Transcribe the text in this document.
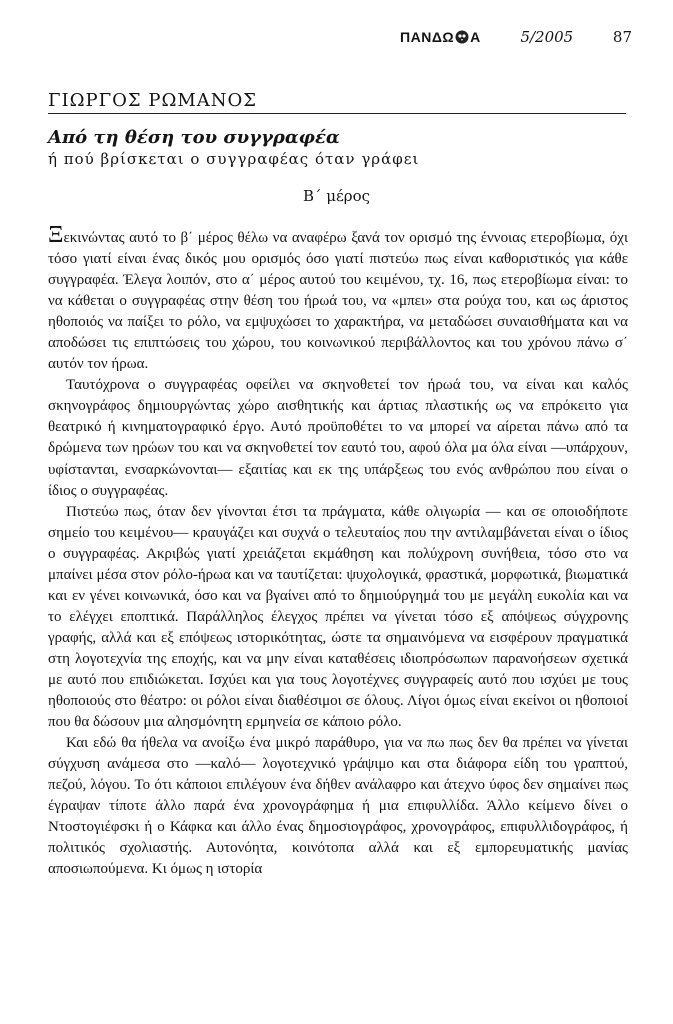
ΠΑΝΔΩ Α	5/2005	87
ΓΙΩΡΓΟΣ ΡΩΜΑΝΟΣ
Από τη θέση του συγγραφέα
ή πού βρίσκεται ο συγγραφέας όταν γράφει
Β΄ μέρος

Ξεκινώντας αυτό το β΄ μέρος θέλω να αναφέρω ξανά τον ορισμό της έννοιας ετεροβίωμα, όχι τόσο γιατί είναι ένας δικός μου ορισμός όσο γιατί πιστεύω πως είναι καθοριστικός για κάθε συγγραφέα. Έλεγα λοιπόν, στο α΄ μέρος αυτού του κειμένου, τχ. 16, πως ετεροβίωμα είναι: το να κάθεται ο συγγραφέας στην θέση του ήρωά του, να «μπει» στα ρούχα του, και ως άριστος ηθοποιός να παίξει το ρόλο, να εμψυχώσει το χαρακτήρα, να μεταδώσει συναισθήματα και να αποδώσει τις επιπτώσεις του χώρου, του κοινωνικού περιβάλλοντος και του χρόνου πάνω σ΄ αυτόν τον ήρωα.

Ταυτόχρονα ο συγγραφέας οφείλει να σκηνοθετεί τον ήρωά του, να είναι και καλός σκηνογράφος δημιουργώντας χώρο αισθητικής και άρτιας πλαστικής ως να επρόκειτο για θεατρικό ή κινηματογραφικό έργο. Αυτό προϋποθέτει το να μπορεί να αίρεται πάνω από τα δρώμενα των ηρώων του και να σκηνοθετεί τον εαυτό του, αφού όλα μα όλα είναι —υπάρχουν, υφίστανται, ενσαρκώνονται— εξαιτίας και εκ της υπάρξεως του ενός ανθρώπου που είναι ο ίδιος ο συγγραφέας.

Πιστεύω πως, όταν δεν γίνονται έτσι τα πράγματα, κάθε ολιγωρία — και σε οποιοδήποτε σημείο του κειμένου— κραυγάζει και συχνά ο τελευταίος που την αντιλαμβάνεται είναι ο ίδιος ο συγγραφέας. Ακριβώς γιατί χρειάζεται εκμάθηση και πολύχρονη συνήθεια, τόσο στο να μπαίνει μέσα στον ρόλο-ήρωα και να ταυτίζεται: ψυχολογικά, φραστικά, μορφωτικά, βιωματικά και εν γένει κοινωνικά, όσο και να βγαίνει από το δημιούργημά του με μεγάλη ευκολία και να το ελέγχει εποπτικά. Παράλληλος έλεγχος πρέπει να γίνεται τόσο εξ απόψεως σύγχρονης γραφής, αλλά και εξ επόψεως ιστορικότητας, ώστε τα σημαινόμενα να εισφέρουν πραγματικά στη λογοτεχνία της εποχής, και να μην είναι καταθέσεις ιδιοπρόσωπων παρανοήσεων σχετικά με αυτό που επιδιώκεται. Ισχύει και για τους λογοτέχνες συγγραφείς αυτό που ισχύει με τους ηθοποιούς στο θέατρο: οι ρόλοι είναι διαθέσιμοι σε όλους. Λίγοι όμως είναι εκείνοι οι ηθοποιοί που θα δώσουν μια αλησμόνητη ερμηνεία σε κάποιο ρόλο.

Και εδώ θα ήθελα να ανοίξω ένα μικρό παράθυρο, για να πω πως δεν θα πρέπει να γίνεται σύγχυση ανάμεσα στο —καλό— λογοτεχνικό γράψιμο και στα διάφορα είδη του γραπτού, πεζού, λόγου. Το ότι κάποιοι επιλέγουν ένα δήθεν ανάλαφρο και άτεχνο ύφος δεν σημαίνει πως έγραψαν τίποτε άλλο παρά ένα χρονογράφημα ή μια επιφυλλίδα. Άλλο κείμενο δίνει ο Ντοστογιέφσκι ή ο Κάφκα και άλλο ένας δημοσιογράφος, χρονογράφος, επιφυλλιδογράφος, ή πολιτικός σχολιαστής. Αυτονόητα, κοινότοπα αλλά και εξ εμπορευματικής μανίας αποσιωπούμενα. Κι όμως η ιστορία
